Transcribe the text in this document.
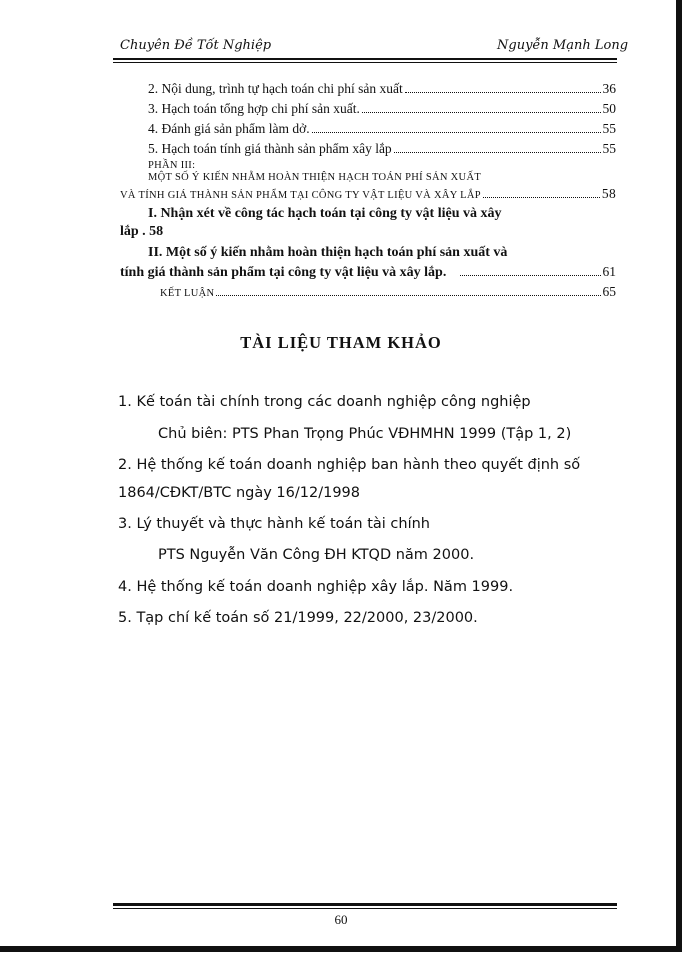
Chuyên Đề Tốt Nghiệp	Nguyễn Mạnh Long
2. Nội dung, trình tự hạch toán chi phí sản xuất	36
3. Hạch toán tổng hợp chi phí sản xuất.	50
4. Đánh giá sản phẩm làm dở.	55
5. Hạch toán tính giá thành sản phẩm xây lắp	55
PHẦN III:
MỘT SỐ Ý KIẾN NHẰM HOÀN THIỆN HẠCH TOÁN PHÍ SẢN XUẤT
VÀ TÍNH GIÁ THÀNH SẢN PHẨM TẠI CÔNG TY VẬT LIỆU VÀ XÂY LẮP	58
I. Nhận xét về công tác hạch toán tại công ty vật liệu và xây
lắp . 58
II. Một số ý kiến nhằm hoàn thiện hạch toán phí sản xuất và
tính giá thành sản phẩm tại công ty vật liệu và xây lắp.	61
KẾT LUẬN	65
TÀI LIỆU THAM KHẢO
1. Kế toán tài chính trong các doanh nghiệp công nghiệp
Chủ biên: PTS Phan Trọng Phúc VĐHMHN 1999 (Tập 1, 2)
2. Hệ thống kế toán doanh nghiệp ban hành theo quyết định số
1864/CĐKT/BTC ngày 16/12/1998
3. Lý thuyết và thực hành kế toán tài chính
PTS Nguyễn Văn Công ĐH KTQD năm 2000.
4. Hệ thống kế toán doanh nghiệp xây lắp. Năm 1999.
5. Tạp chí kế toán số 21/1999, 22/2000, 23/2000.
60
